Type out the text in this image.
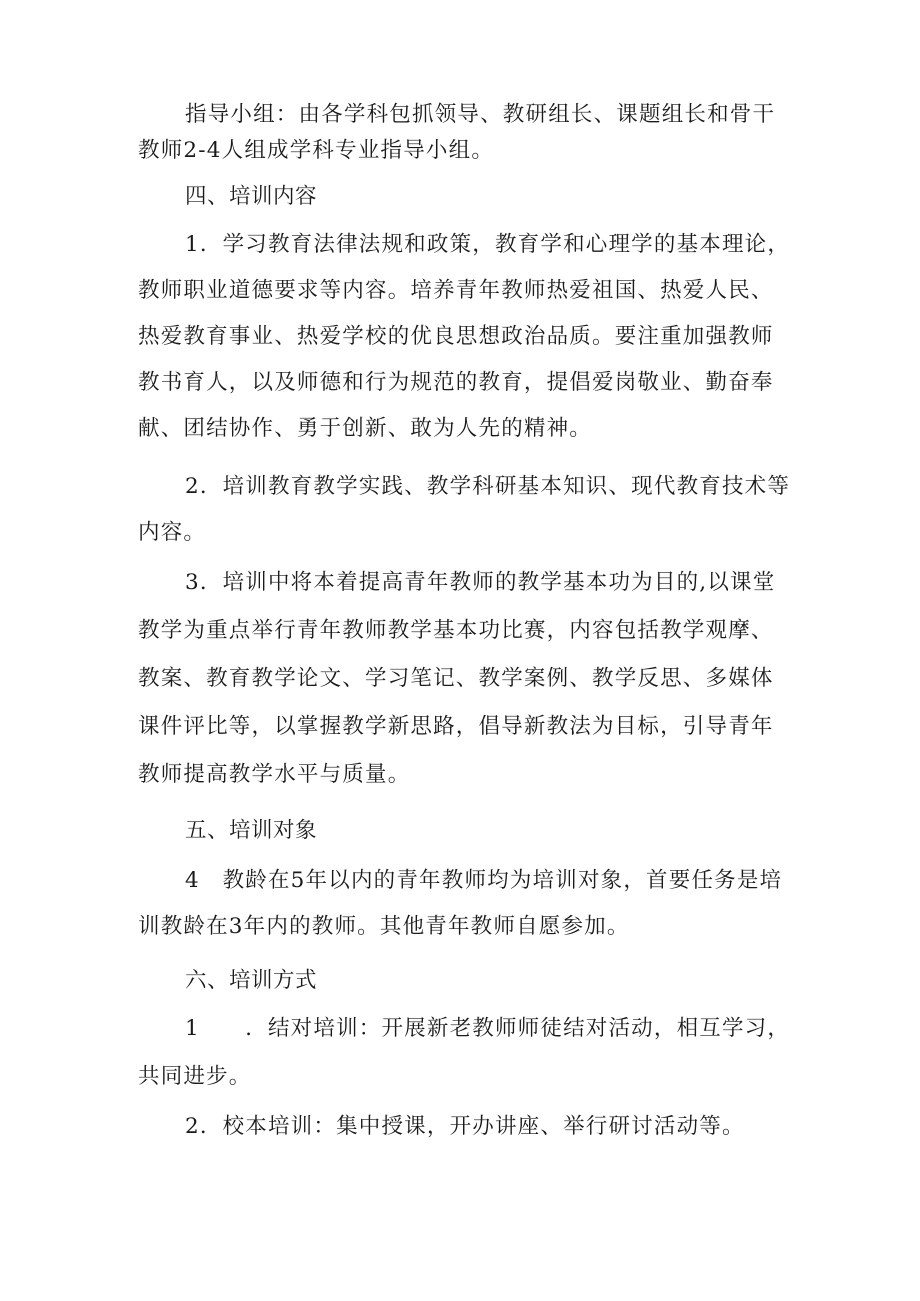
指导小组：由各学科包抓领导、教研组长、课题组长和骨干
教师2-4人组成学科专业指导小组。
四、培训内容
1．学习教育法律法规和政策，教育学和心理学的基本理论，
教师职业道德要求等内容。培养青年教师热爱祖国、热爱人民、
热爱教育事业、热爱学校的优良思想政治品质。要注重加强教师
教书育人，以及师德和行为规范的教育，提倡爱岗敬业、勤奋奉
献、团结协作、勇于创新、敢为人先的精神。
2．培训教育教学实践、教学科研基本知识、现代教育技术等
内容。
3．培训中将本着提高青年教师的教学基本功为目的,以课堂
教学为重点举行青年教师教学基本功比赛，内容包括教学观摩、
教案、教育教学论文、学习笔记、教学案例、教学反思、多媒体
课件评比等，以掌握教学新思路，倡导新教法为目标，引导青年
教师提高教学水平与质量。
五、培训对象
4　教龄在5年以内的青年教师均为培训对象，首要任务是培
训教龄在3年内的教师。其他青年教师自愿参加。
六、培训方式
1　　．结对培训：开展新老教师师徒结对活动，相互学习，
共同进步。
2．校本培训：集中授课，开办讲座、举行研讨活动等。
